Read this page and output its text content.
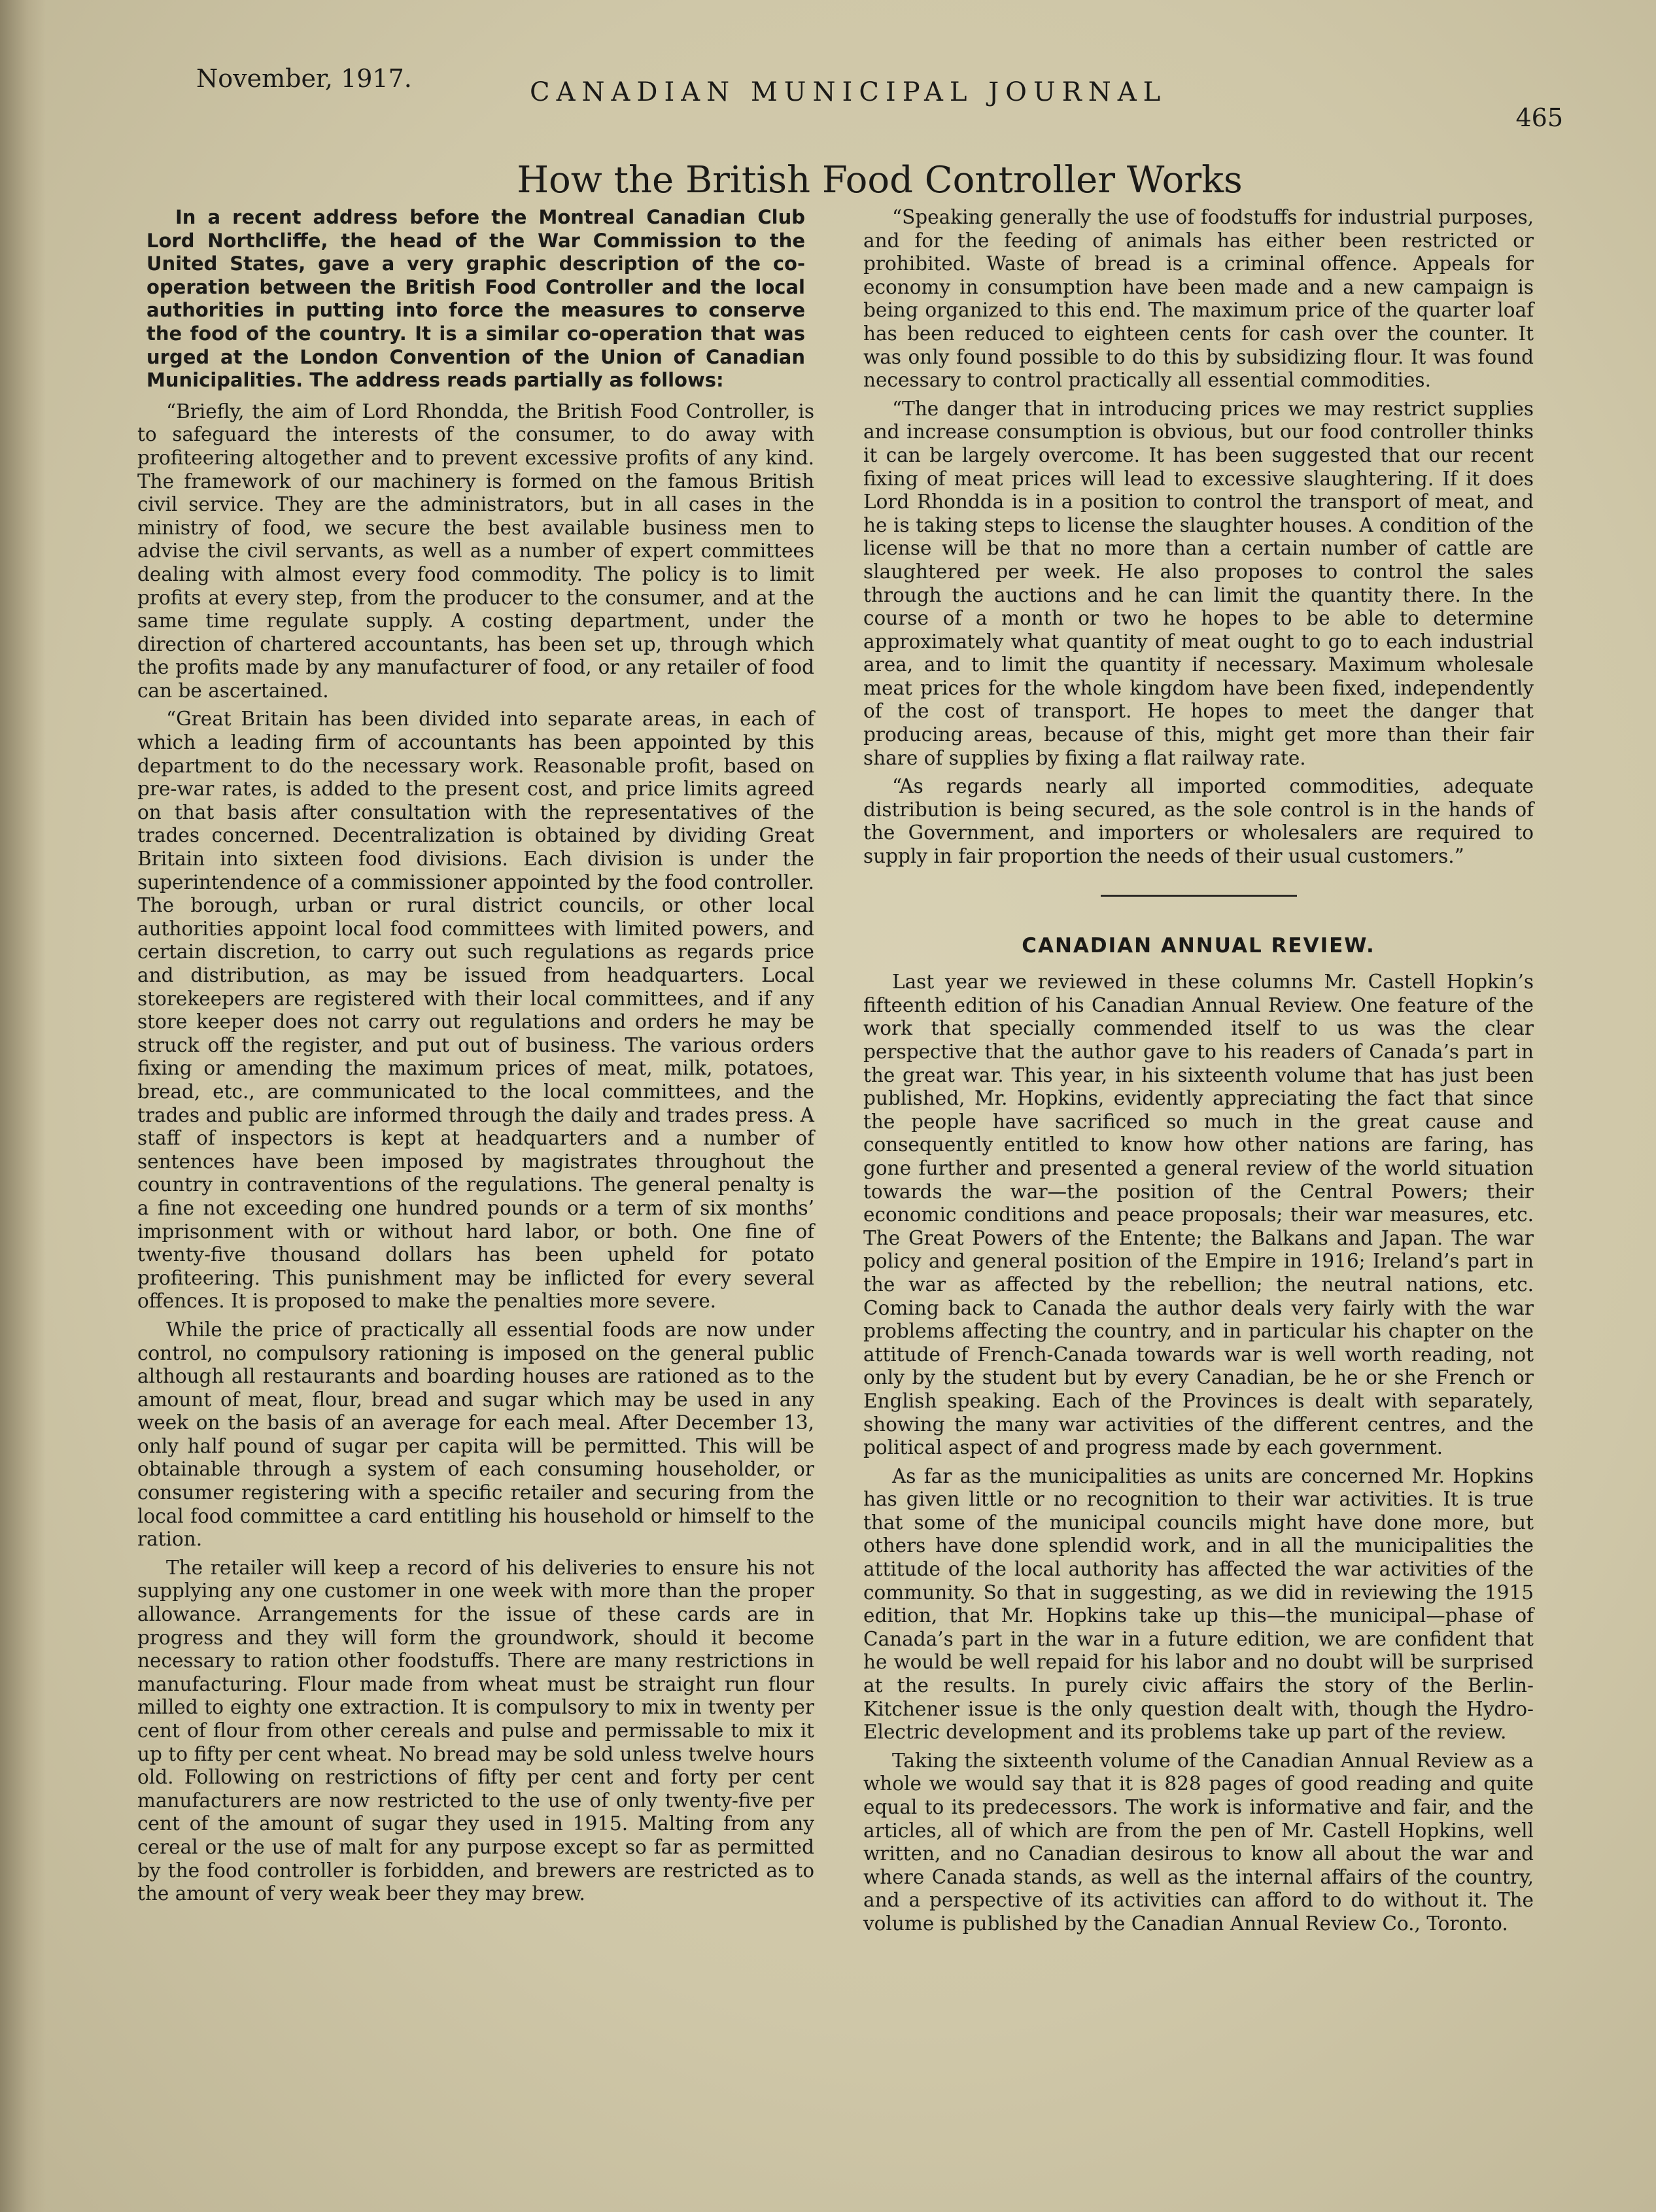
November, 1917.	CANADIAN MUNICIPAL JOURNAL
465
How the British Food Controller Works

In a recent address before the Montreal Canadian Club Lord Northcliffe, the head of the War Commission to the United States, gave a very graphic description of the co-operation between the British Food Controller and the local authorities in putting into force the measures to conserve the food of the country. It is a similar co-operation that was urged at the London Convention of the Union of Canadian Municipalities. The address reads partially as follows:

“Briefly, the aim of Lord Rhondda, the British Food Controller, is to safeguard the interests of the consumer, to do away with profiteering altogether and to prevent excessive profits of any kind. The framework of our machinery is formed on the famous British civil service. They are the administrators, but in all cases in the ministry of food, we secure the best available business men to advise the civil servants, as well as a number of expert committees dealing with almost every food commodity. The policy is to limit profits at every step, from the producer to the consumer, and at the same time regulate supply. A costing department, under the direction of chartered accountants, has been set up, through which the profits made by any manufacturer of food, or any retailer of food can be ascertained.

“Great Britain has been divided into separate areas, in each of which a leading firm of accountants has been appointed by this department to do the necessary work. Reasonable profit, based on pre-war rates, is added to the present cost, and price limits agreed on that basis after consultation with the representatives of the trades concerned. Decentralization is obtained by dividing Great Britain into sixteen food divisions. Each division is under the superintendence of a commissioner appointed by the food controller. The borough, urban or rural district councils, or other local authorities appoint local food committees with limited powers, and certain discretion, to carry out such regulations as regards price and distribution, as may be issued from headquarters. Local storekeepers are registered with their local committees, and if any store keeper does not carry out regulations and orders he may be struck off the register, and put out of business. The various orders fixing or amending the maximum prices of meat, milk, potatoes, bread, etc., are communicated to the local committees, and the trades and public are informed through the daily and trades press. A staff of inspectors is kept at headquarters and a number of sentences have been imposed by magistrates throughout the country in contraventions of the regulations. The general penalty is a fine not exceeding one hundred pounds or a term of six months’ imprisonment with or without hard labor, or both. One fine of twenty-five thousand dollars has been upheld for potato profiteering. This punishment may be inflicted for every several offences. It is proposed to make the penalties more severe.

While the price of practically all essential foods are now under control, no compulsory rationing is imposed on the general public although all restaurants and boarding houses are rationed as to the amount of meat, flour, bread and sugar which may be used in any week on the basis of an average for each meal. After December 13, only half pound of sugar per capita will be permitted. This will be obtainable through a system of each consuming householder, or consumer registering with a specific retailer and securing from the local food committee a card entitling his household or himself to the ration.

The retailer will keep a record of his deliveries to ensure his not supplying any one customer in one week with more than the proper allowance. Arrangements for the issue of these cards are in progress and they will form the groundwork, should it become necessary to ration other foodstuffs. There are many restrictions in manufacturing. Flour made from wheat must be straight run flour milled to eighty one extraction. It is compulsory to mix in twenty per cent of flour from other cereals and pulse and permissable to mix it up to fifty per cent wheat. No bread may be sold unless twelve hours old. Following on restrictions of fifty per cent and forty per cent manufacturers are now restricted to the use of only twenty-five per cent of the amount of sugar they used in 1915. Malting from any cereal or the use of malt for any purpose except so far as permitted by the food controller is forbidden, and brewers are restricted as to the amount of very weak beer they may brew.

“Speaking generally the use of foodstuffs for industrial purposes, and for the feeding of animals has either been restricted or prohibited. Waste of bread is a criminal offence. Appeals for economy in consumption have been made and a new campaign is being organized to this end. The maximum price of the quarter loaf has been reduced to eighteen cents for cash over the counter. It was only found possible to do this by subsidizing flour. It was found necessary to control practically all essential commodities.

“The danger that in introducing prices we may restrict supplies and increase consumption is obvious, but our food controller thinks it can be largely overcome. It has been suggested that our recent fixing of meat prices will lead to excessive slaughtering. If it does Lord Rhondda is in a position to control the transport of meat, and he is taking steps to license the slaughter houses. A condition of the license will be that no more than a certain number of cattle are slaughtered per week. He also proposes to control the sales through the auctions and he can limit the quantity there. In the course of a month or two he hopes to be able to determine approximately what quantity of meat ought to go to each industrial area, and to limit the quantity if necessary. Maximum wholesale meat prices for the whole kingdom have been fixed, independently of the cost of transport. He hopes to meet the danger that producing areas, because of this, might get more than their fair share of supplies by fixing a flat railway rate.

“As regards nearly all imported commodities, adequate distribution is being secured, as the sole control is in the hands of the Government, and importers or wholesalers are required to supply in fair proportion the needs of their usual customers.”

CANADIAN ANNUAL REVIEW.

Last year we reviewed in these columns Mr. Castell Hopkin’s fifteenth edition of his Canadian Annual Review. One feature of the work that specially commended itself to us was the clear perspective that the author gave to his readers of Canada’s part in the great war. This year, in his sixteenth volume that has just been published, Mr. Hopkins, evidently appreciating the fact that since the people have sacrificed so much in the great cause and consequently entitled to know how other nations are faring, has gone further and presented a general review of the world situation towards the war—the position of the Central Powers; their economic conditions and peace proposals; their war measures, etc. The Great Powers of the Entente; the Balkans and Japan. The war policy and general position of the Empire in 1916; Ireland’s part in the war as affected by the rebellion; the neutral nations, etc. Coming back to Canada the author deals very fairly with the war problems affecting the country, and in particular his chapter on the attitude of French-Canada towards war is well worth reading, not only by the student but by every Canadian, be he or she French or English speaking. Each of the Provinces is dealt with separately, showing the many war activities of the different centres, and the political aspect of and progress made by each government.

As far as the municipalities as units are concerned Mr. Hopkins has given little or no recognition to their war activities. It is true that some of the municipal councils might have done more, but others have done splendid work, and in all the municipalities the attitude of the local authority has affected the war activities of the community. So that in suggesting, as we did in reviewing the 1915 edition, that Mr. Hopkins take up this—the municipal—phase of Canada’s part in the war in a future edition, we are confident that he would be well repaid for his labor and no doubt will be surprised at the results. In purely civic affairs the story of the Berlin-Kitchener issue is the only question dealt with, though the Hydro-Electric development and its problems take up part of the review.

Taking the sixteenth volume of the Canadian Annual Review as a whole we would say that it is 828 pages of good reading and quite equal to its predecessors. The work is informative and fair, and the articles, all of which are from the pen of Mr. Castell Hopkins, well written, and no Canadian desirous to know all about the war and where Canada stands, as well as the internal affairs of the country, and a perspective of its activities can afford to do without it. The volume is published by the Canadian Annual Review Co., Toronto.
